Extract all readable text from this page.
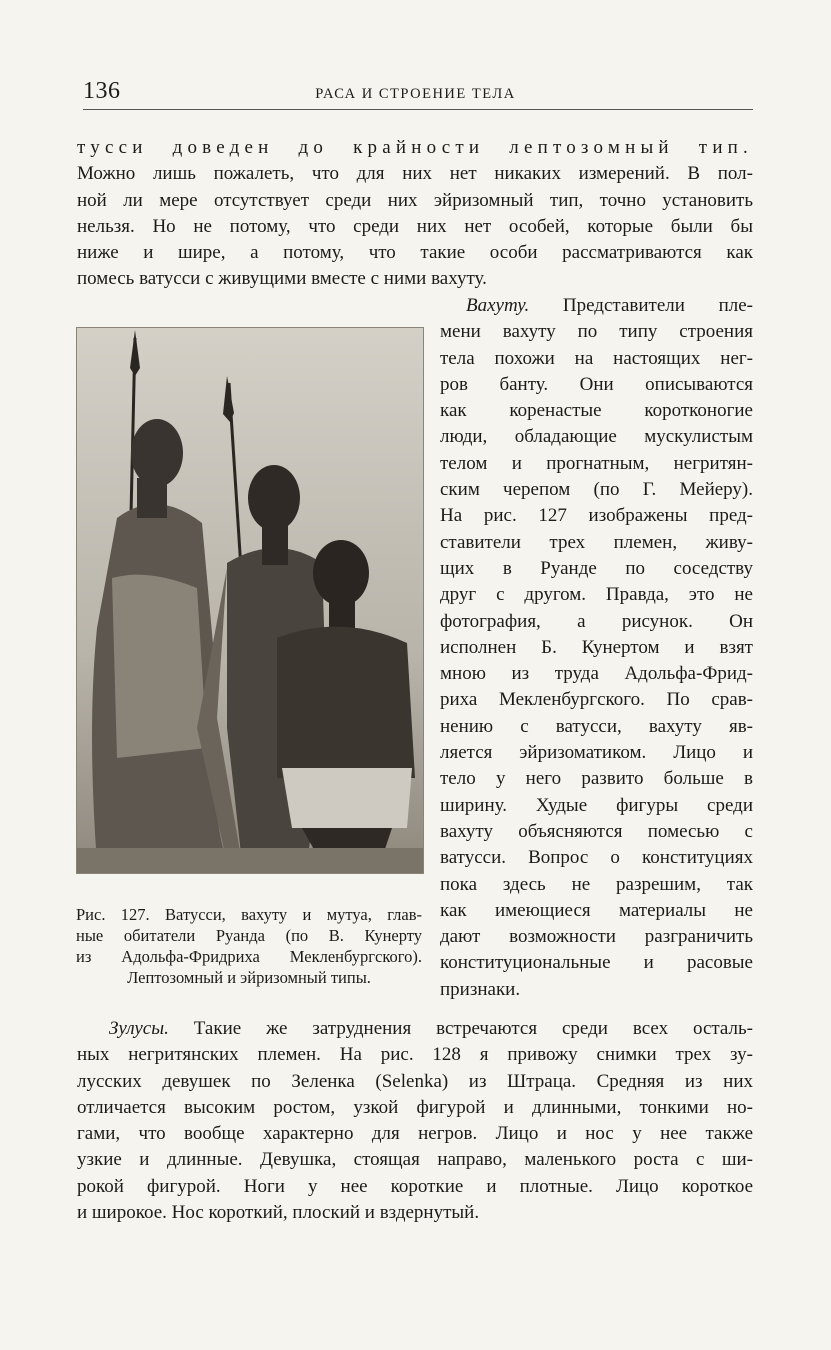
136	РАСА И СТРОЕНИЕ ТЕЛА
тусси доведен до крайности лептозомный тип.
Можно лишь пожалеть, что для них нет никаких измерений. В пол-
ной ли мере отсутствует среди них эйризомный тип, точно установить
нельзя. Но не потому, что среди них нет особей, которые были бы
ниже и шире, а потому, что такие особи рассматриваются как
помесь ватусси с живущими вместе с ними вахуту.
Рис. 127. Ватусси, вахуту и мутуа, глав-
ные обитатели Руанда (по В. Кунерту
из Адольфа-Фридриха Мекленбургского).
Лептозомный и эйризомный типы.
Вахуту. Представители пле-
мени вахуту по типу строения
тела похожи на настоящих нег-
ров банту. Они описываются
как коренастые коротконогие
люди, обладающие мускулистым
телом и прогнатным, негритян-
ским черепом (по Г. Мейеру).
На рис. 127 изображены пред-
ставители трех племен, живу-
щих в Руанде по соседству
друг с другом. Правда, это не
фотография, а рисунок. Он
исполнен Б. Кунертом и взят
мною из труда Адольфа-Фрид-
риха Мекленбургского. По срав-
нению с ватусси, вахуту яв-
ляется эйризоматиком. Лицо и
тело у него развито больше в
ширину. Худые фигуры среди
вахуту объясняются помесью с
ватусси. Вопрос о конституциях
пока здесь не разрешим, так
как имеющиеся материалы не
дают возможности разграничить
конституциональные и расовые
признаки.
Зулусы. Такие же затруднения встречаются среди всех осталь-
ных негритянских племен. На рис. 128 я привожу снимки трех зу-
лусских девушек по Зеленка (Selenka) из Штраца. Средняя из них
отличается высоким ростом, узкой фигурой и длинными, тонкими но-
гами, что вообще характерно для негров. Лицо и нос у нее также
узкие и длинные. Девушка, стоящая направо, маленького роста с ши-
рокой фигурой. Ноги у нее короткие и плотные. Лицо короткое
и широкое. Нос короткий, плоский и вздернутый.
